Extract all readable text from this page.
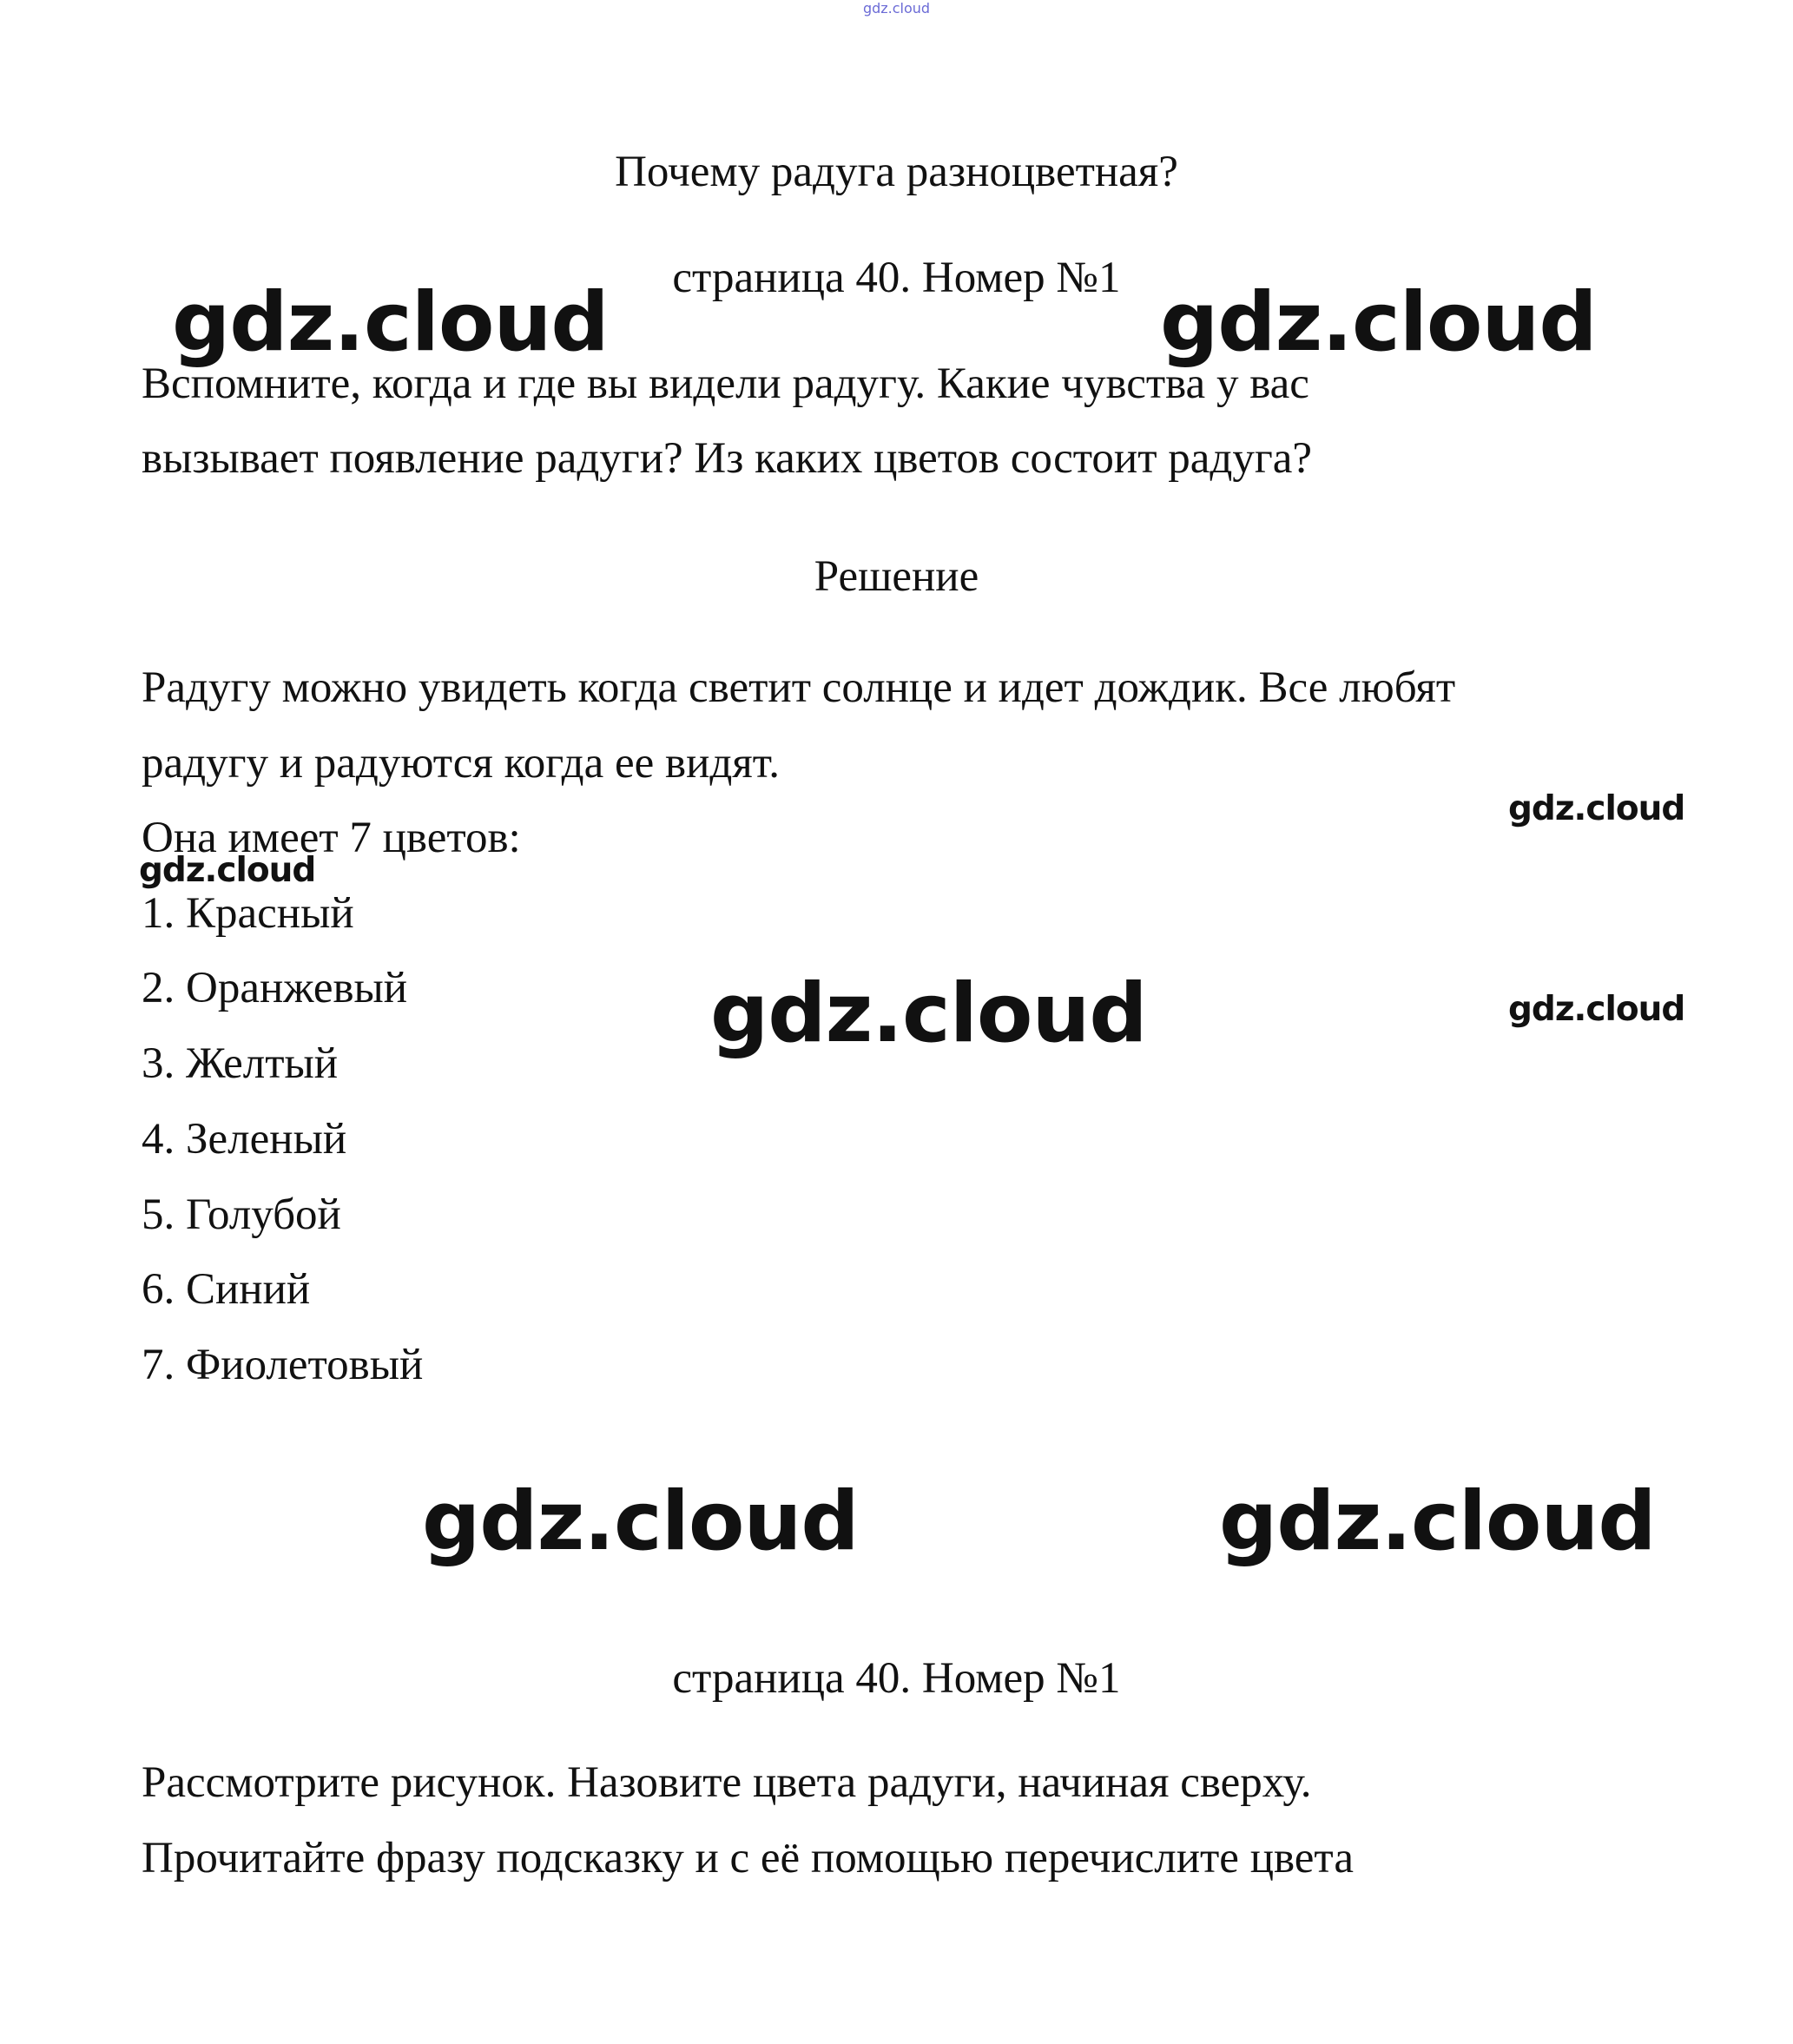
gdz.cloud
Почему радуга разноцветная?
страница 40. Номер №1
Вспомните, когда и где вы видели радугу. Какие чувства у вас
вызывает появление радуги? Из каких цветов состоит радуга?
Решение
Радугу можно увидеть когда светит солнце и идет дождик. Все любят
радугу и радуются когда ее видят.
Она имеет 7 цветов:
1. Красный
2. Оранжевый
3. Желтый
4. Зеленый
5. Голубой
6. Синий
7. Фиолетовый
страница 40. Номер №1
Рассмотрите рисунок. Назовите цвета радуги, начиная сверху.
Прочитайте фразу подсказку и с её помощью перечислите цвета
gdz.cloud	gdz.cloud
gdz.cloud
gdz.cloud
gdz.cloud	gdz.cloud
gdz.cloud	gdz.cloud
